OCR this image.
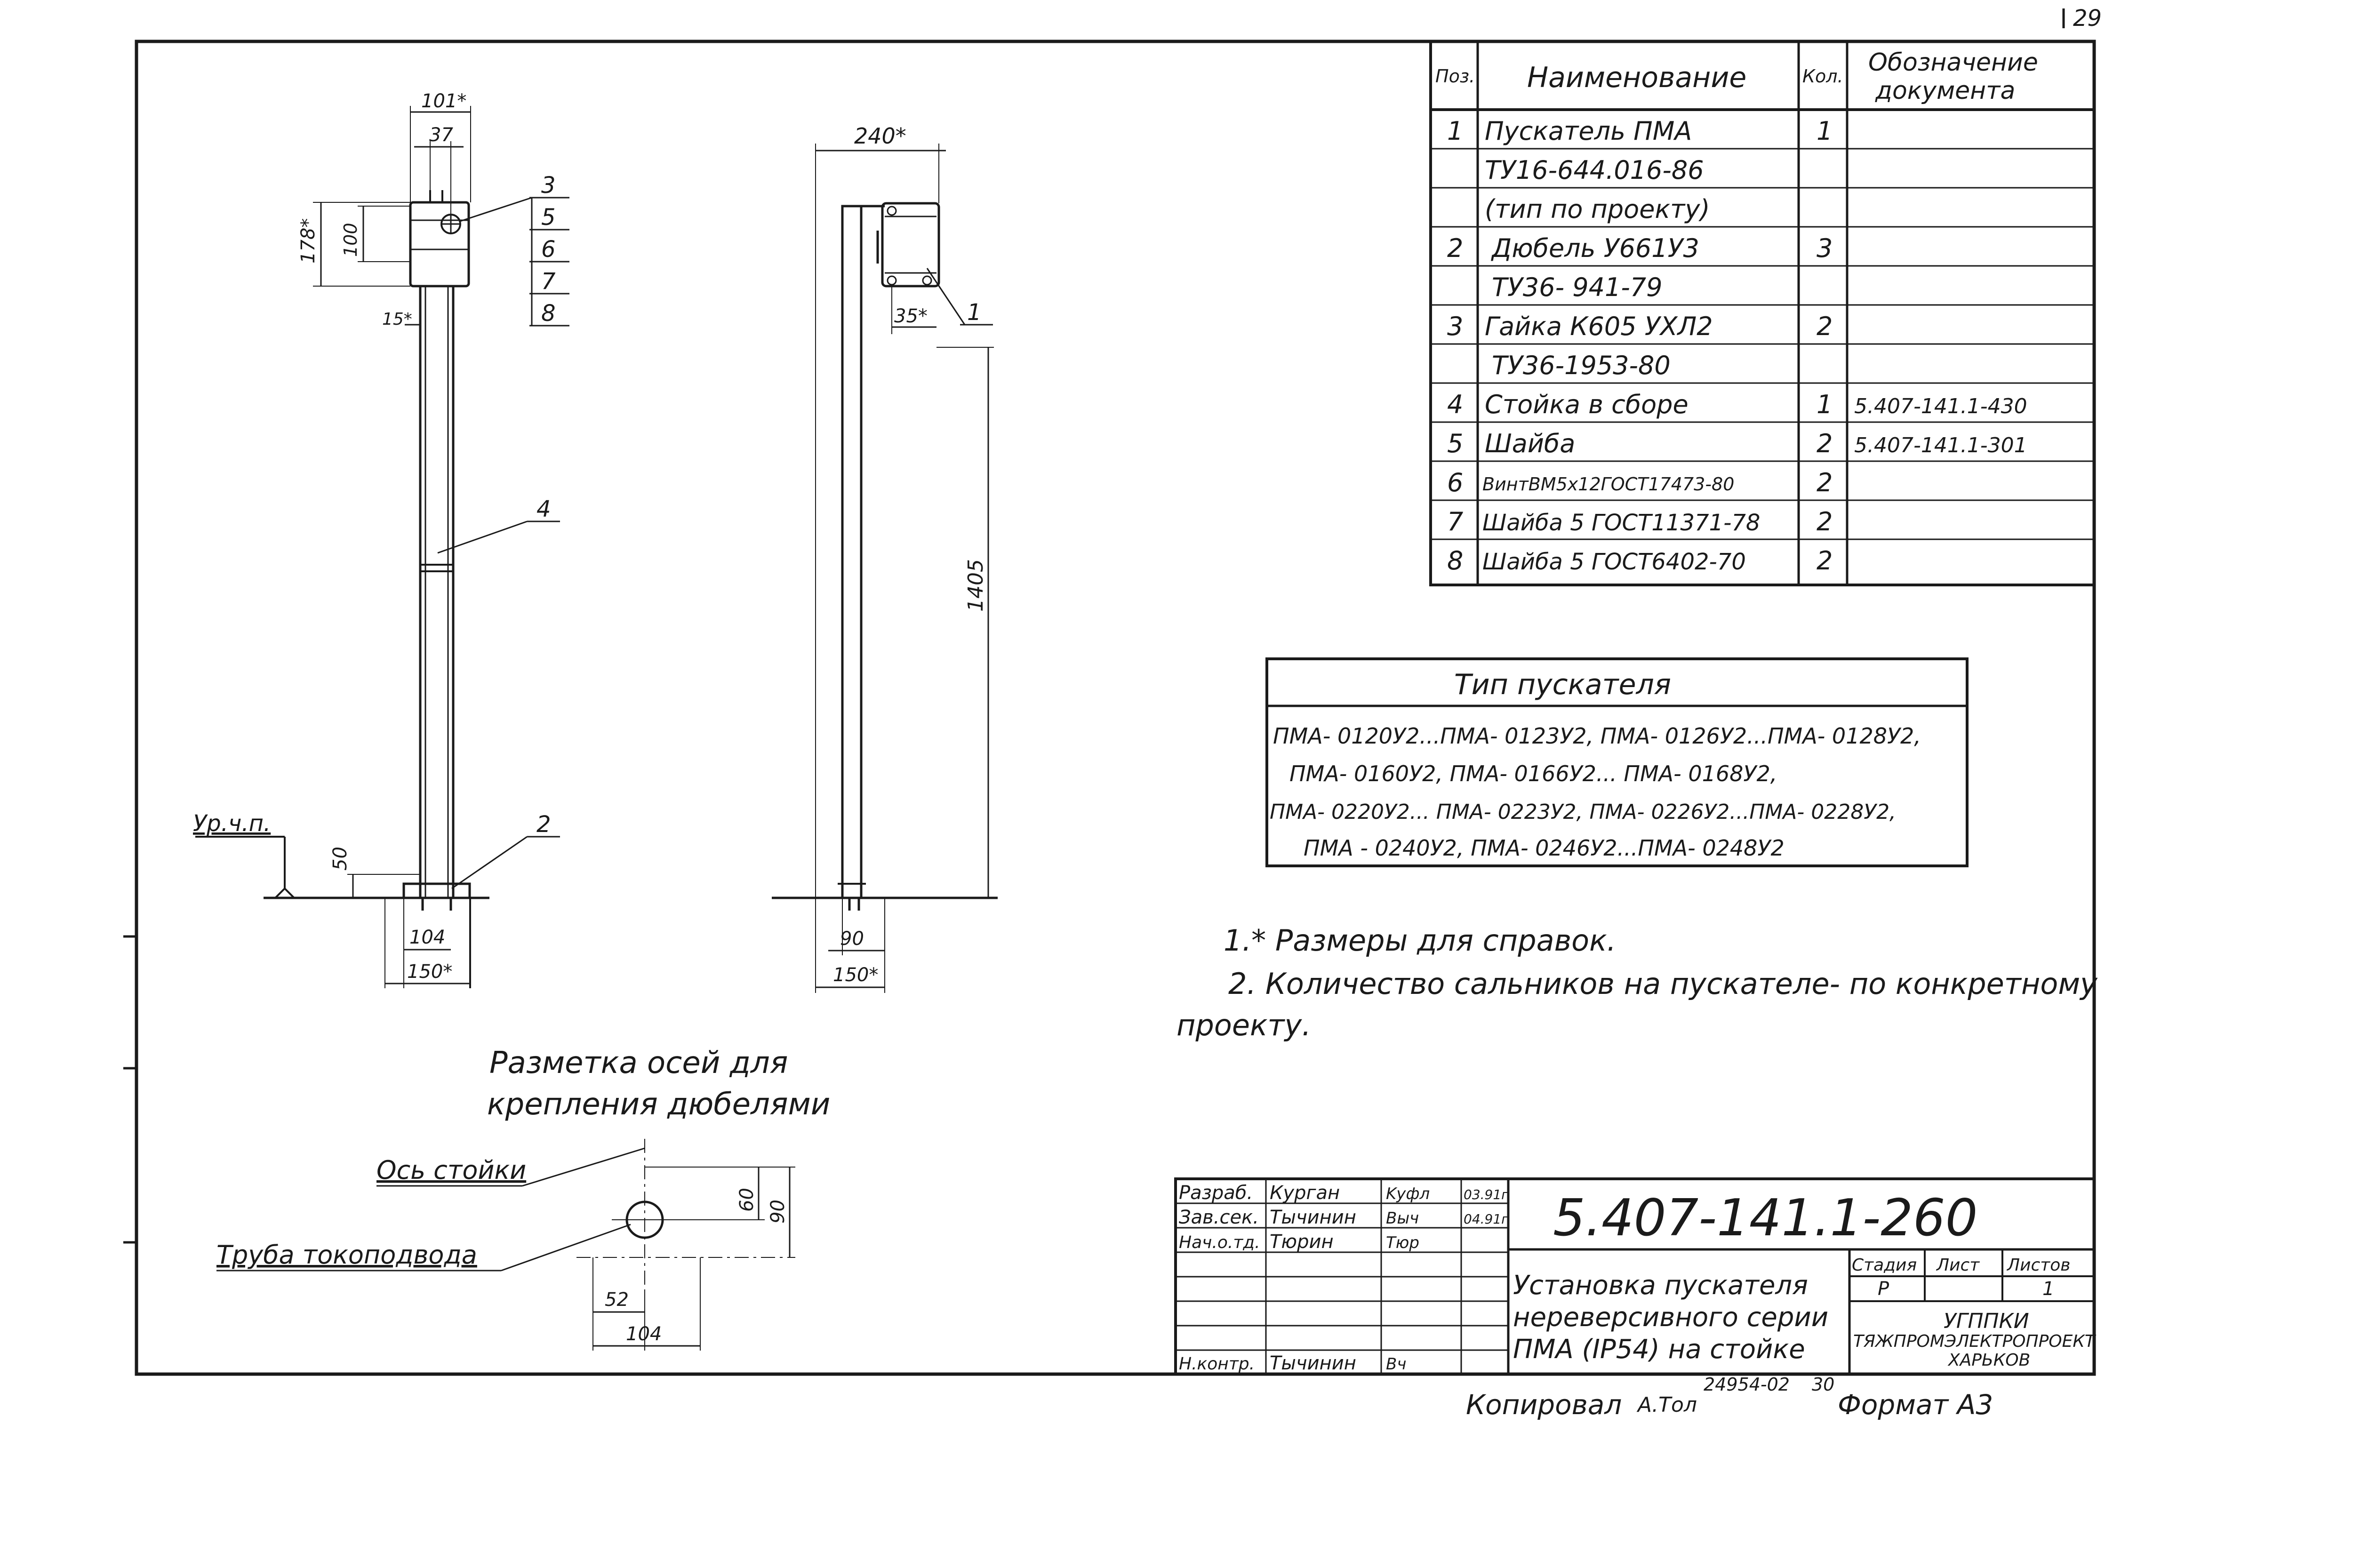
29
Ур.ч.п.
101*
37
178* 100
15*
3
5
6
7
8
4
2
50
104
150*
240*
35* 1
1405
90
150*
Поз. Наименование	Кол. Обозначение
документа
1 Пускатель ПМА	1
ТУ16-644.016-86
(тип по проекту)
2 Дюбель У661У3	3
ТУ36- 941-79
3 Гайка К605 УХЛ2	2
ТУ36-1953-80
4 Стойка в сборе	1 5.407-141.1-430
5 Шайба	2 5.407-141.1-301
6 ВинтВМ5х12ГОСТ17473-80	2
7 Шайба 5 ГОСТ11371-78 2
8 Шайба 5 ГОСТ6402-70	2
Тип пускателя
ПМА- 0120У2...ПМА- 0123У2, ПМА- 0126У2...ПМА- 0128У2,
ПМА- 0160У2, ПМА- 0166У2... ПМА- 0168У2,
ПМА- 0220У2... ПМА- 0223У2, ПМА- 0226У2...ПМА- 0228У2,
ПМА - 0240У2, ПМА- 0246У2...ПМА- 0248У2
1.* Размеры для справок.
2. Количество сальников на пускателе- по конкретному
проекту.
Разметка осей для
крепления дюбелями
60 90
52
104
Ось стойки
Труба токоподвода
Разраб. Курган	Kуфл	03.91г
Зав.сек. Тычинин Bыч	04.91г
Нач.о.тд. Тюрин	Тюр
Н.контр. Тычинин Вч
5.407-141.1-260
Установка пускателя
нереверсивного серии
ПМА (IP54) на стойке
Стадия Лист Листов
Р	1
УГППКИ
ТЯЖПРОМЭЛЕКТРОПРОЕКТ
ХАРЬКОВ
Копировал А.Тол
24954-02 30
Формат А3
